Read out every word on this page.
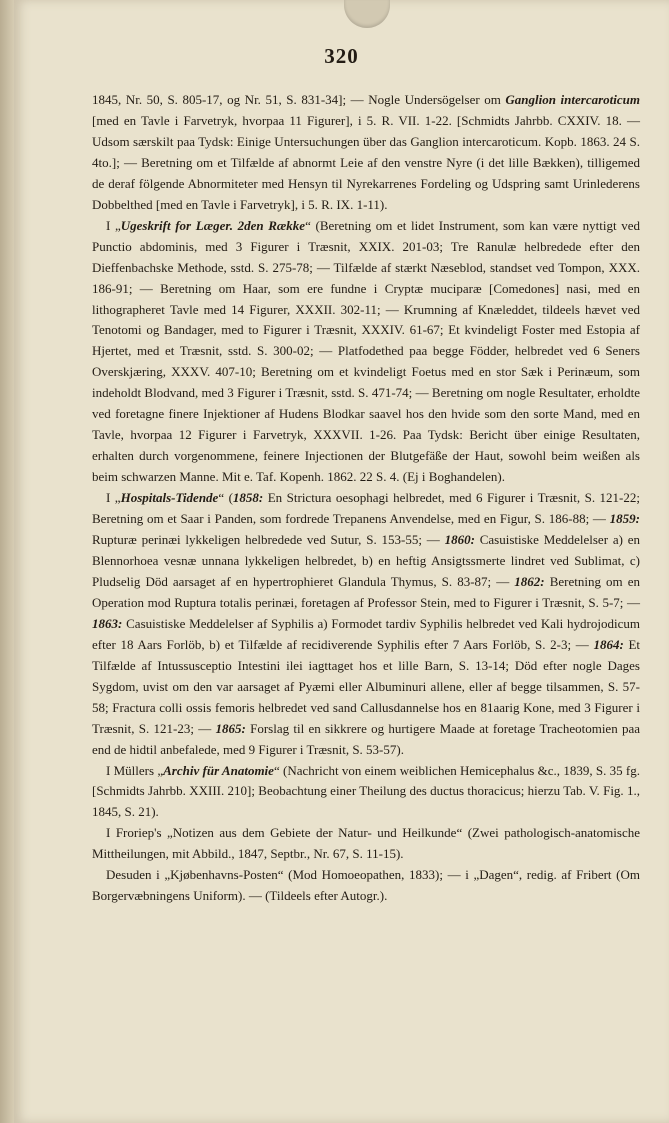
320

1845, Nr. 50, S. 805-17, og Nr. 51, S. 831-34]; — Nogle Undersögelser om Ganglion intercaroticum [med en Tavle i Farvetryk, hvorpaa 11 Figurer], i 5. R. VII. 1-22. [Schmidts Jahrbb. CXXIV. 18. — Udsom særskilt paa Tydsk: Einige Untersuchungen über das Ganglion intercaroticum. Kopb. 1863. 24 S. 4to.]; — Beretning om et Tilfælde af abnormt Leie af den venstre Nyre (i det lille Bækken), tilligemed de deraf fölgende Abnormiteter med Hensyn til Nyrekarrenes Fordeling og Udspring samt Urinlederens Dobbelthed [med en Tavle i Farvetryk], i 5. R. IX. 1-11).

I „Ugeskrift for Læger. 2den Række“ (Beretning om et lidet Instrument, som kan være nyttigt ved Punctio abdominis, med 3 Figurer i Træsnit, XXIX. 201-03; Tre Ranulæ helbredede efter den Dieffenbachske Methode, sstd. S. 275-78; — Tilfælde af stærkt Næseblod, standset ved Tompon, XXX. 186-91; — Beretning om Haar, som ere fundne i Cryptæ muciparæ [Comedones] nasi, med en lithographeret Tavle med 14 Figurer, XXXII. 302-11; — Krumning af Knæleddet, tildeels hævet ved Tenotomi og Bandager, med to Figurer i Træsnit, XXXIV. 61-67; Et kvindeligt Foster med Estopia af Hjertet, med et Træsnit, sstd. S. 300-02; — Platfodethed paa begge Födder, helbredet ved 6 Seners Overskjæring, XXXV. 407-10; Beretning om et kvindeligt Foetus med en stor Sæk i Perinæum, som indeholdt Blodvand, med 3 Figurer i Træsnit, sstd. S. 471-74; — Beretning om nogle Resultater, erholdte ved foretagne finere Injektioner af Hudens Blodkar saavel hos den hvide som den sorte Mand, med en Tavle, hvorpaa 12 Figurer i Farvetryk, XXXVII. 1-26. Paa Tydsk: Bericht über einige Resultaten, erhalten durch vorgenommene, feinere Injectionen der Blutgefäße der Haut, sowohl beim weißen als beim schwarzen Manne. Mit e. Taf. Kopenh. 1862. 22 S. 4. (Ej i Boghandelen).

I „Hospitals-Tidende“ (1858: En Strictura oesophagi helbredet, med 6 Figurer i Træsnit, S. 121-22; Beretning om et Saar i Panden, som fordrede Trepanens Anvendelse, med en Figur, S. 186-88; — 1859: Rupturæ perinæi lykkeligen helbredede ved Sutur, S. 153-55; — 1860: Casuistiske Meddelelser a) en Blennorhoea vesnæ unnana lykkeligen helbredet, b) en heftig Ansigtssmerte lindret ved Sublimat, c) Pludselig Död aarsaget af en hypertrophieret Glandula Thymus, S. 83-87; — 1862: Beretning om en Operation mod Ruptura totalis perinæi, foretagen af Professor Stein, med to Figurer i Træsnit, S. 5-7; — 1863: Casuistiske Meddelelser af Syphilis a) Formodet tardiv Syphilis helbredet ved Kali hydrojodicum efter 18 Aars Forlöb, b) et Tilfælde af recidiverende Syphilis efter 7 Aars Forlöb, S. 2-3; — 1864: Et Tilfælde af Intussusceptio Intestini ilei iagttaget hos et lille Barn, S. 13-14; Död efter nogle Dages Sygdom, uvist om den var aarsaget af Pyæmi eller Albuminuri allene, eller af begge tilsammen, S. 57-58; Fractura colli ossis femoris helbredet ved sand Callusdannelse hos en 81aarig Kone, med 3 Figurer i Træsnit, S. 121-23; — 1865: Forslag til en sikkrere og hurtigere Maade at foretage Tracheotomien paa end de hidtil anbefalede, med 9 Figurer i Træsnit, S. 53-57).

I Müllers „Archiv für Anatomie“ (Nachricht von einem weiblichen Hemicephalus &c., 1839, S. 35 fg. [Schmidts Jahrbb. XXIII. 210]; Beobachtung einer Theilung des ductus thoracicus; hierzu Tab. V. Fig. 1., 1845, S. 21).

I Froriep's „Notizen aus dem Gebiete der Natur- und Heilkunde“ (Zwei pathologisch-anatomische Mittheilungen, mit Abbild., 1847, Septbr., Nr. 67, S. 11-15).

Desuden i „Kjøbenhavns-Posten“ (Mod Homoeopathen, 1833); — i „Dagen“, redig. af Fribert (Om Borgervæbningens Uniform). — (Tildeels efter Autogr.).
